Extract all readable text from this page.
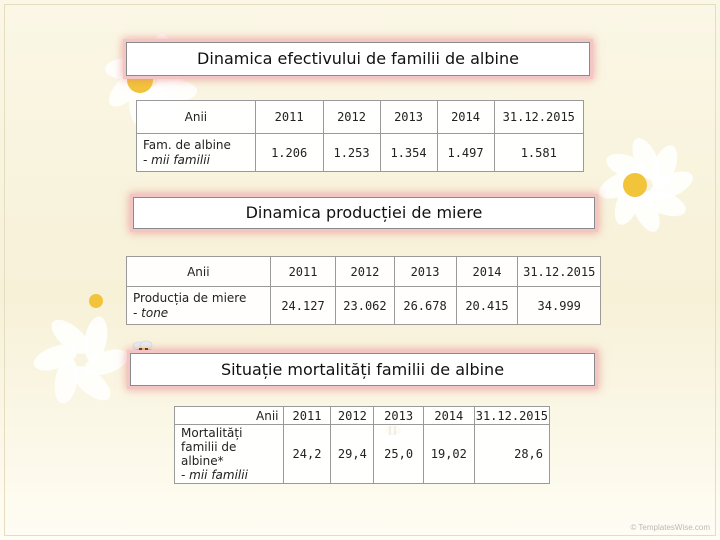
Dinamica efectivului de familii de albine
Anii	2011	2012	2013	2014	31.12.2015

Fam. de albine
- mii familii	1.206	1.253	1.354	1.497	1.581
Dinamica producției de miere
Anii	2011	2012	2013	2014	31.12.2015

Producția de miere
- tone	24.127	23.062	26.678	20.415	34.999
Situație mortalități familii de albine
Anii	2011	2012	2013	2014	31.12.2015

Mortalități
familii de albine*
- mii familii	24,2	29,4	25,0	19,02	28,6
© TemplatesWise.com
